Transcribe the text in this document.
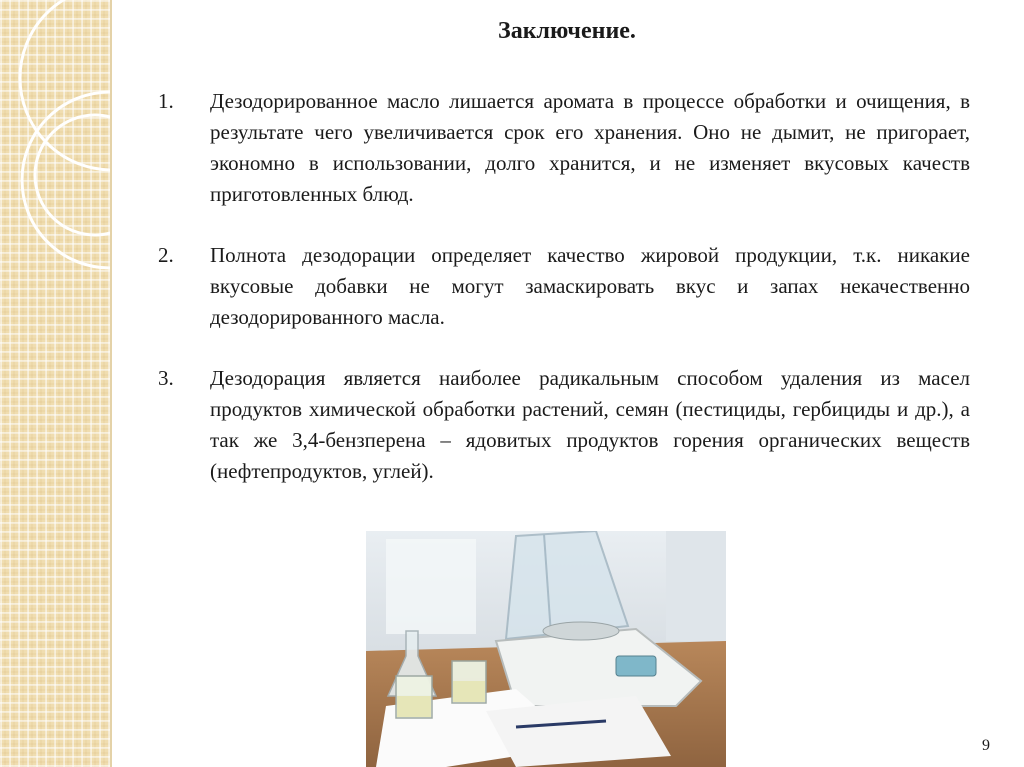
Заключение.
1.	Дезодорированное масло лишается аромата в процессе обработки и очищения, в результате чего увеличивается срок его хранения. Оно не дымит, не пригорает, экономно в использовании, долго хранится, и не изменяет вкусовых качеств приготовленных блюд.
2.	Полнота дезодорации определяет качество жировой продукции, т.к. никакие вкусовые добавки не могут замаскировать вкус и запах некачественно дезодорированного масла.
3.	Дезодорация является наиболее радикальным способом удаления из масел продуктов химической обработки растений, семян (пестициды, гербициды и др.), а так же 3,4-бензперена – ядовитых продуктов горения органических веществ (нефтепродуктов, углей).
9
